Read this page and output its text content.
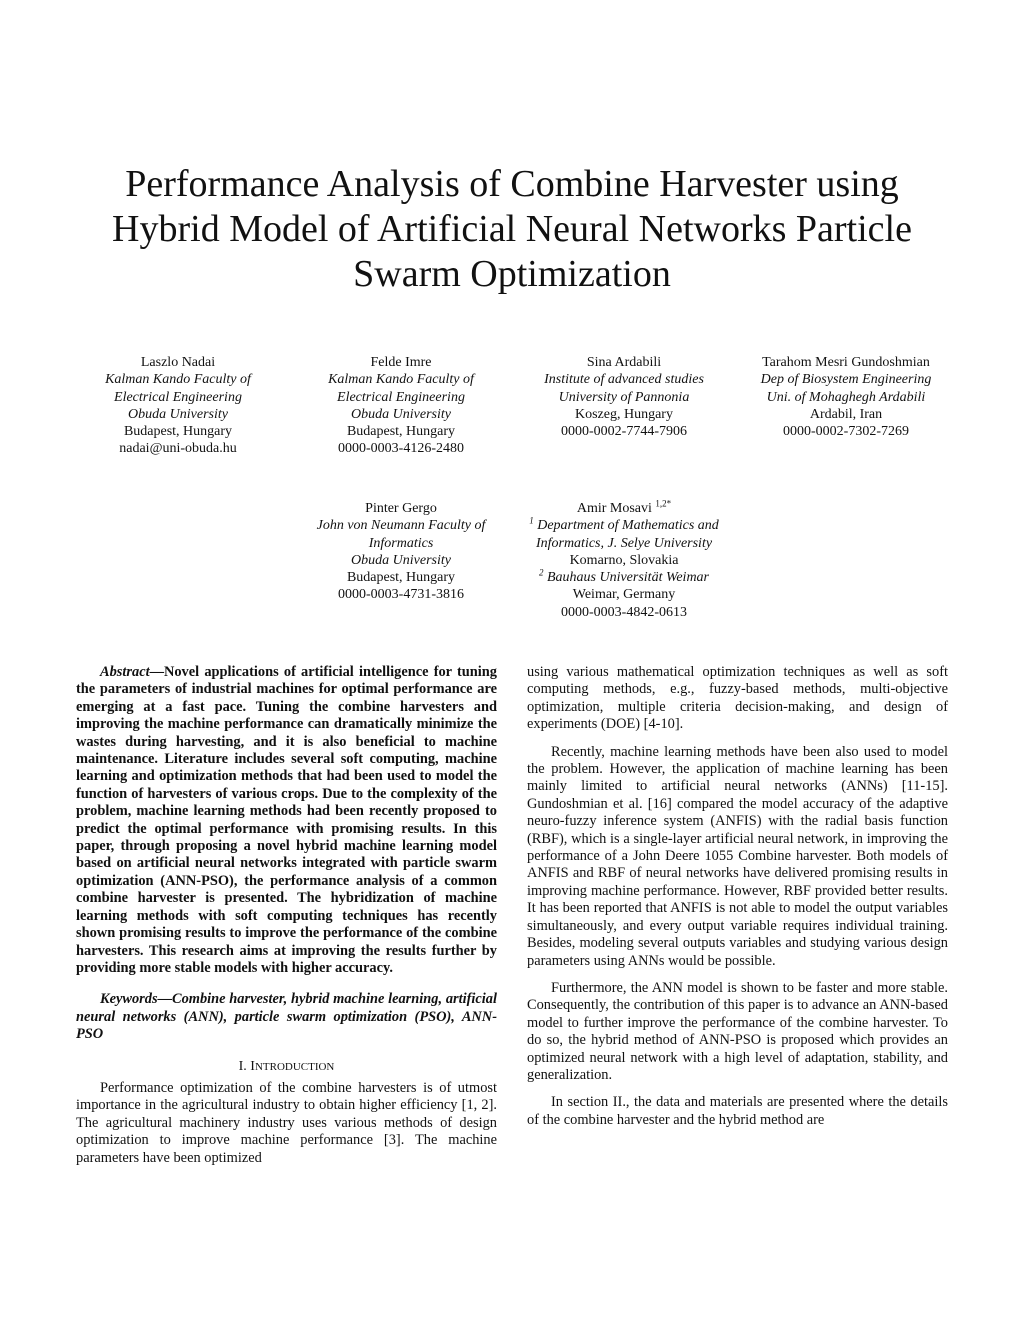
Performance Analysis of Combine Harvester using
Hybrid Model of Artificial Neural Networks Particle
Swarm Optimization
Laszlo Nadai
Kalman Kando Faculty of
Electrical Engineering
Obuda University
Budapest, Hungary
nadai@uni-obuda.hu
Felde Imre
Kalman Kando Faculty of
Electrical Engineering
Obuda University
Budapest, Hungary
0000-0003-4126-2480
Sina Ardabili
Institute of advanced studies
University of Pannonia
Koszeg, Hungary
0000-0002-7744-7906
Tarahom Mesri Gundoshmian
Dep of Biosystem Engineering
Uni. of Mohaghegh Ardabili
Ardabil, Iran
0000-0002-7302-7269
Pinter Gergo
John von Neumann Faculty of
Informatics
Obuda University
Budapest, Hungary
0000-0003-4731-3816
Amir Mosavi $^{1,2*}$
$^1$ Department of Mathematics and
Informatics, J. Selye University
Komarno, Slovakia
$^2$ Bauhaus Universität Weimar
Weimar, Germany
0000-0003-4842-0613

Abstract—Novel applications of artificial intelligence for tuning the parameters of industrial machines for optimal performance are emerging at a fast pace. Tuning the combine harvesters and improving the machine performance can dramatically minimize the wastes during harvesting, and it is also beneficial to machine maintenance. Literature includes several soft computing, machine learning and optimization methods that had been used to model the function of harvesters of various crops. Due to the complexity of the problem, machine learning methods had been recently proposed to predict the optimal performance with promising results. In this paper, through proposing a novel hybrid machine learning model based on artificial neural networks integrated with particle swarm optimization (ANN-PSO), the performance analysis of a common combine harvester is presented. The hybridization of machine learning methods with soft computing techniques has recently shown promising results to improve the performance of the combine harvesters. This research aims at improving the results further by providing more stable models with higher accuracy.

Keywords—Combine harvester, hybrid machine learning, artificial neural networks (ANN), particle swarm optimization (PSO), ANN-PSO

I. INTRODUCTION

Performance optimization of the combine harvesters is of utmost importance in the agricultural industry to obtain higher efficiency [1, 2]. The agricultural machinery industry uses various methods of design optimization to improve machine performance [3]. The machine parameters have been optimized

using various mathematical optimization techniques as well as soft computing methods, e.g., fuzzy-based methods, multi-objective optimization, multiple criteria decision-making, and design of experiments (DOE) [4-10].

Recently, machine learning methods have been also used to model the problem. However, the application of machine learning has been mainly limited to artificial neural networks (ANNs) [11-15]. Gundoshmian et al. [16] compared the model accuracy of the adaptive neuro-fuzzy inference system (ANFIS) with the radial basis function (RBF), which is a single-layer artificial neural network, in improving the performance of a John Deere 1055 Combine harvester. Both models of ANFIS and RBF of neural networks have delivered promising results in improving machine performance. However, RBF provided better results. It has been reported that ANFIS is not able to model the output variables simultaneously, and every output variable requires individual training. Besides, modeling several outputs variables and studying various design parameters using ANNs would be possible.

Furthermore, the ANN model is shown to be faster and more stable. Consequently, the contribution of this paper is to advance an ANN-based model to further improve the performance of the combine harvester. To do so, the hybrid method of ANN-PSO is proposed which provides an optimized neural network with a high level of adaptation, stability, and generalization.

In section II., the data and materials are presented where the details of the combine harvester and the hybrid method are
